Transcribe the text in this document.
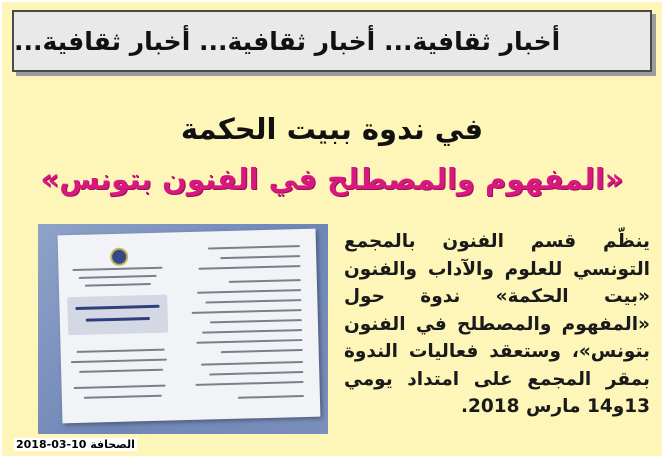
أخبار ثقافية... أخبار ثقافية... أخبار ثقافية...
في ندوة ببيت الحكمة
«المفهوم والمصطلح في الفنون بتونس»

ينظّم قسم الفنون بالمجمع التونسي للعلوم والآداب والفنون «بيت الحكمة» ندوة حول «المفهوم والمصطلح في الفنون بتونس»، وستعقد فعاليات الندوة بمقر المجمع على امتداد يومي 13و14 مارس 2018.

الصحافة 10-03-2018
